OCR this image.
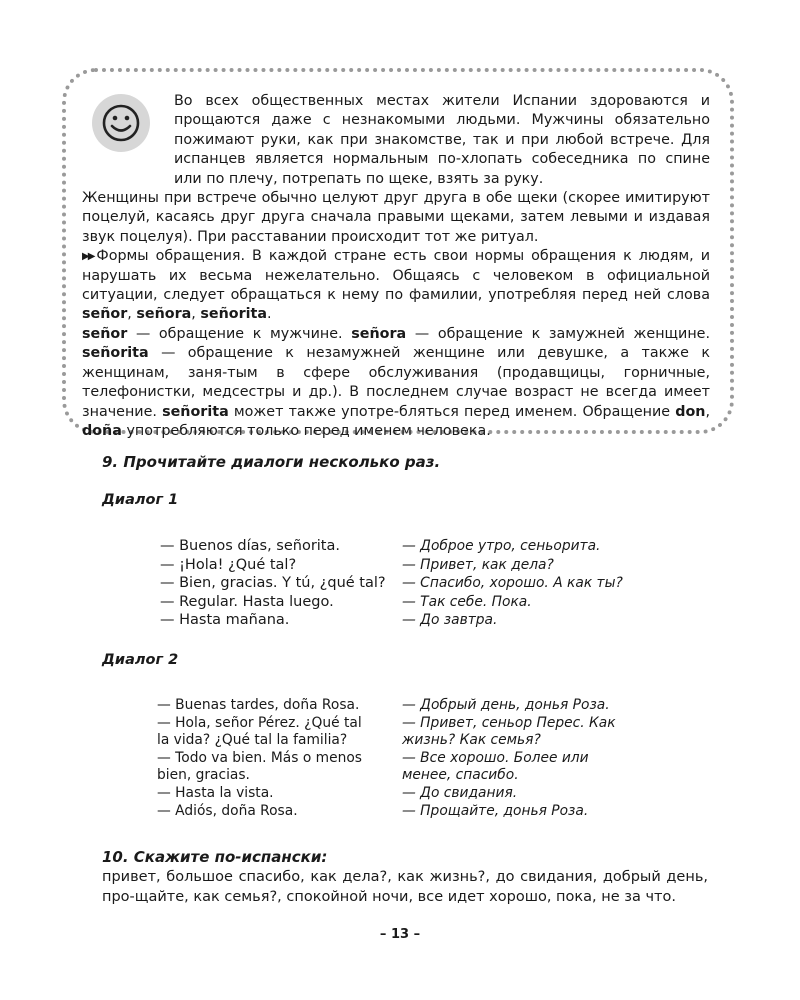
Во всех общественных местах жители Испании здороваются и прощаются даже с незнакомыми людьми. Мужчины обязательно пожимают руки, как при знакомстве, так и при любой встрече. Для испанцев является нормальным по-хлопать собеседника по спине или по плечу, потрепать по щеке, взять за руку.

Женщины при встрече обычно целуют друг друга в обе щеки (скорее имитируют поцелуй, касаясь друг друга сначала правыми щеками, затем левыми и издавая звук поцелуя). При расставании происходит тот же ритуал.

▶▶ Формы обращения. В каждой стране есть свои нормы обращения к людям, и нарушать их весьма нежелательно. Общаясь с человеком в официальной ситуации, следует обращаться к нему по фамилии, употребляя перед ней слова señor, señora, señorita.

señor — обращение к мужчине. señora — обращение к замужней женщине. señorita — обращение к незамужней женщине или девушке, а также к женщинам, заня-тым в сфере обслуживания (продавщицы, горничные, телефонистки, медсестры и др.). В последнем случае возраст не всегда имеет значение. señorita может также употре-бляться перед именем. Обращение don, doña употребляются только перед именем человека.

9. Прочитайте диалоги несколько раз.
Диалог 1
— Buenos días, señorita.
— ¡Hola! ¿Qué tal?
— Bien, gracias. Y tú, ¿qué tal?
— Regular. Hasta luego.
— Hasta mañana.
— Доброе утро, сеньорита.
— Привет, как дела?
— Спасибо, хорошо. А как ты?
— Так себе. Пока.
— До завтра.
Диалог 2
— Buenas tardes, doña Rosa.
— Hola, señor Pérez. ¿Qué tal la vida? ¿Qué tal la familia?
— Todo va bien. Más o menos bien, gracias.
— Hasta la vista.
— Adiós, doña Rosa.
— Добрый день, донья Роза.
— Привет, сеньор Перес. Как жизнь? Как семья?
— Все хорошо. Более или менее, спасибо.
— До свидания.
— Прощайте, донья Роза.
10. Скажите по-испански:
привет, большое спасибо, как дела?, как жизнь?, до свидания, добрый день, про-щайте, как семья?, спокойной ночи, все идет хорошо, пока, не за что.
– 13 –
